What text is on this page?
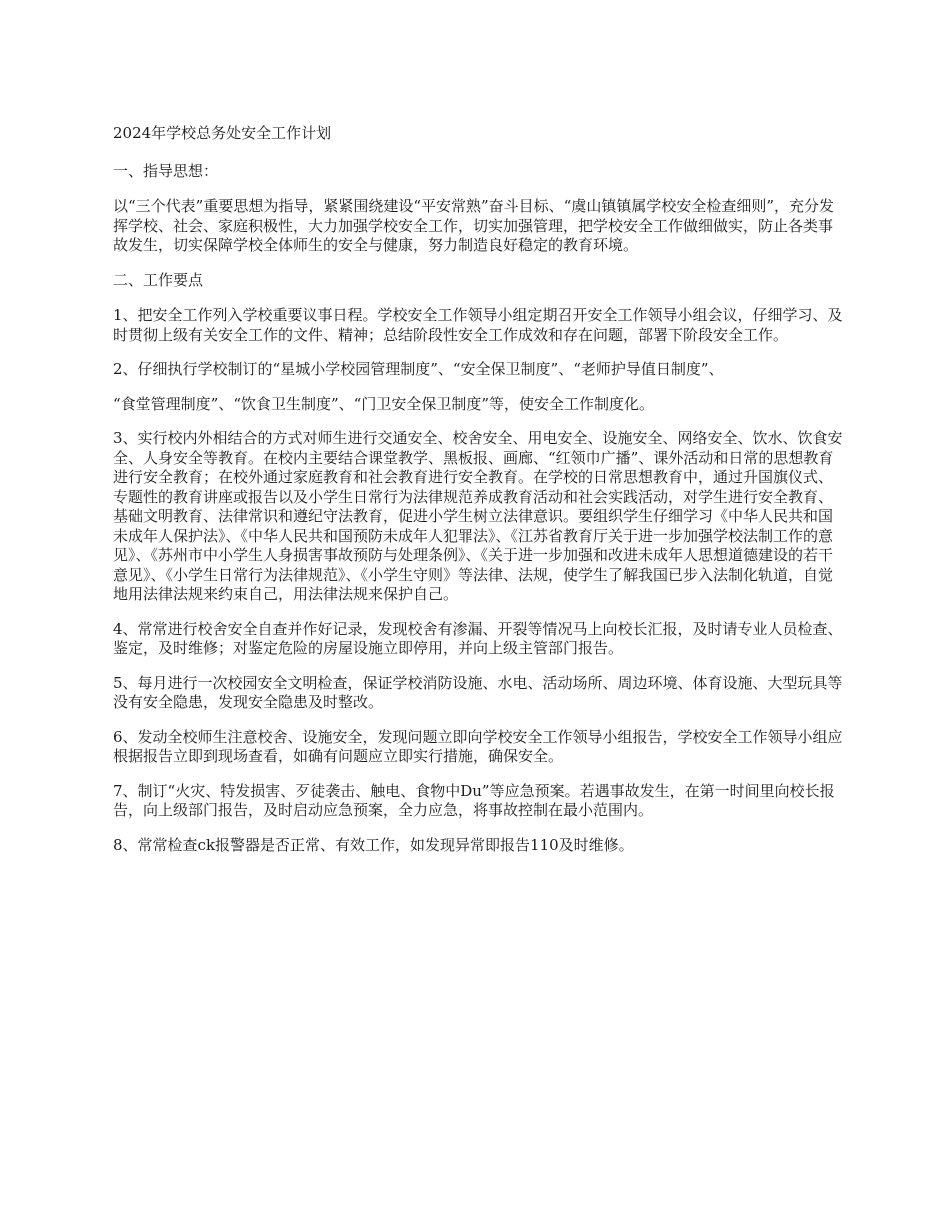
2024年学校总务处安全工作计划

一、指导思想：

以“三个代表”重要思想为指导，紧紧围绕建设“平安常熟”奋斗目标、“虞山镇镇属学校安全检查细则”，充分发挥学校、社会、家庭积极性，大力加强学校安全工作，切实加强管理，把学校安全工作做细做实，防止各类事故发生，切实保障学校全体师生的安全与健康，努力制造良好稳定的教育环境。

二、工作要点

1、把安全工作列入学校重要议事日程。学校安全工作领导小组定期召开安全工作领导小组会议，仔细学习、及时贯彻上级有关安全工作的文件、精神；总结阶段性安全工作成效和存在问题，部署下阶段安全工作。

2、仔细执行学校制订的“星城小学校园管理制度”、“安全保卫制度”、“老师护导值日制度”、

“食堂管理制度”、“饮食卫生制度”、“门卫安全保卫制度”等，使安全工作制度化。

3、实行校内外相结合的方式对师生进行交通安全、校舍安全、用电安全、设施安全、网络安全、饮水、饮食安全、人身安全等教育。在校内主要结合课堂教学、黑板报、画廊、“红领巾广播”、课外活动和日常的思想教育进行安全教育；在校外通过家庭教育和社会教育进行安全教育。在学校的日常思想教育中，通过升国旗仪式、专题性的教育讲座或报告以及小学生日常行为法律规范养成教育活动和社会实践活动，对学生进行安全教育、基础文明教育、法律常识和遵纪守法教育，促进小学生树立法律意识。要组织学生仔细学习《中华人民共和国未成年人保护法》、《中华人民共和国预防未成年人犯罪法》、《江苏省教育厅关于进一步加强学校法制工作的意见》、《苏州市中小学生人身损害事故预防与处理条例》、《关于进一步加强和改进未成年人思想道德建设的若干意见》、《小学生日常行为法律规范》、《小学生守则》等法律、法规，使学生了解我国已步入法制化轨道，自觉地用法律法规来约束自己，用法律法规来保护自己。

4、常常进行校舍安全自查并作好记录，发现校舍有渗漏、开裂等情况马上向校长汇报，及时请专业人员检查、鉴定，及时维修；对鉴定危险的房屋设施立即停用，并向上级主管部门报告。

5、每月进行一次校园安全文明检查，保证学校消防设施、水电、活动场所、周边环境、体育设施、大型玩具等没有安全隐患，发现安全隐患及时整改。

6、发动全校师生注意校舍、设施安全，发现问题立即向学校安全工作领导小组报告，学校安全工作领导小组应根据报告立即到现场查看，如确有问题应立即实行措施，确保安全。

7、制订“火灾、特发损害、歹徒袭击、触电、食物中Du”等应急预案。若遇事故发生，在第一时间里向校长报告，向上级部门报告，及时启动应急预案，全力应急，将事故控制在最小范围内。

8、常常检查ck报警器是否正常、有效工作，如发现异常即报告110及时维修。
